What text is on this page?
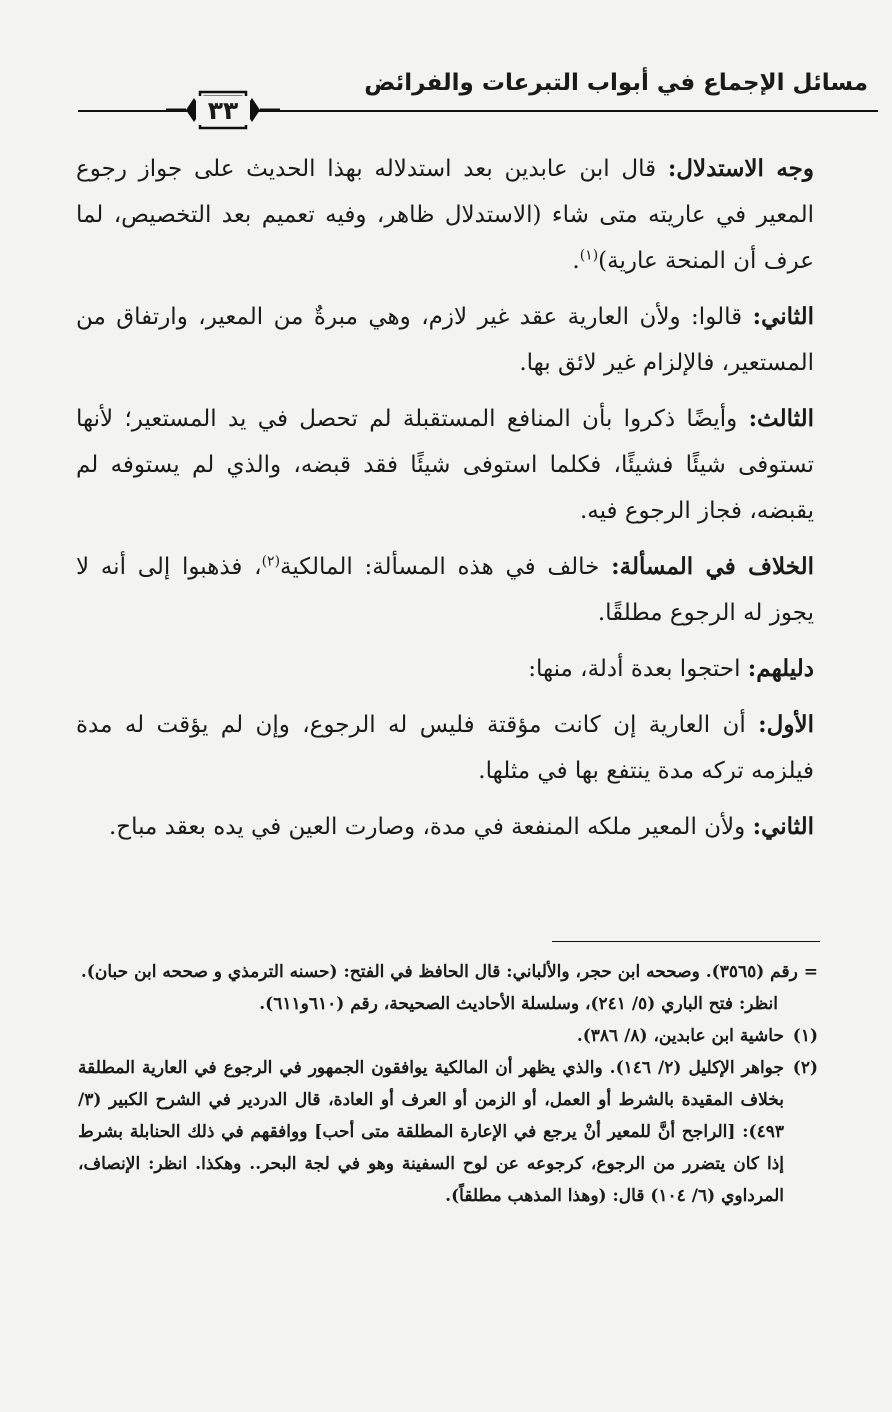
مسائل الإجماع في أبواب التبرعات والفرائض
٣٣

وجه الاستدلال: قال ابن عابدين بعد استدلاله بهذا الحديث على جواز رجوع المعير في عاريته متى شاء (الاستدلال ظاهر، وفيه تعميم بعد التخصيص، لما عرف أن المنحة عارية)$^{(١)}$.

الثاني: قالوا: ولأن العارية عقد غير لازم، وهي مبرةٌ من المعير، وارتفاق من المستعير، فالإلزام غير لائق بها.

الثالث: وأيضًا ذكروا بأن المنافع المستقبلة لم تحصل في يد المستعير؛ لأنها تستوفى شيئًا فشيئًا، فكلما استوفى شيئًا فقد قبضه، والذي لم يستوفه لم يقبضه، فجاز الرجوع فيه.

الخلاف في المسألة: خالف في هذه المسألة: المالكية$^{(٢)}$، فذهبوا إلى أنه لا يجوز له الرجوع مطلقًا.

دليلهم: احتجوا بعدة أدلة، منها:

الأول: أن العارية إن كانت مؤقتة فليس له الرجوع، وإن لم يؤقت له مدة فيلزمه تركه مدة ينتفع بها في مثلها.

الثاني: ولأن المعير ملكه المنفعة في مدة، وصارت العين في يده بعقد مباح.

= رقم (٣٥٦٥). وصححه ابن حجر، والألباني: قال الحافظ في الفتح: (حسنه الترمذي و صححه ابن حبان).

انظر: فتح الباري (٥/ ٢٤١)، وسلسلة الأحاديث الصحيحة، رقم (٦١٠و٦١١).

(١)
حاشية ابن عابدين، (٨/ ٣٨٦).
(٢)
جواهر الإكليل (٢/ ١٤٦). والذي يظهر أن المالكية يوافقون الجمهور في الرجوع في العارية المطلقة بخلاف المقيدة بالشرط أو العمل، أو الزمن أو العرف أو العادة، قال الدردير في الشرح الكبير (٣/ ٤٩٣): [الراجح أنَّ للمعير أنْ يرجع في الإعارة المطلقة متى أحب] ووافقهم في ذلك الحنابلة بشرط إذا كان يتضرر من الرجوع، كرجوعه عن لوح السفينة وهو في لجة البحر.. وهكذا. انظر: الإنصاف، المرداوي (٦/ ١٠٤) قال: (وهذا المذهب مطلقاً).
